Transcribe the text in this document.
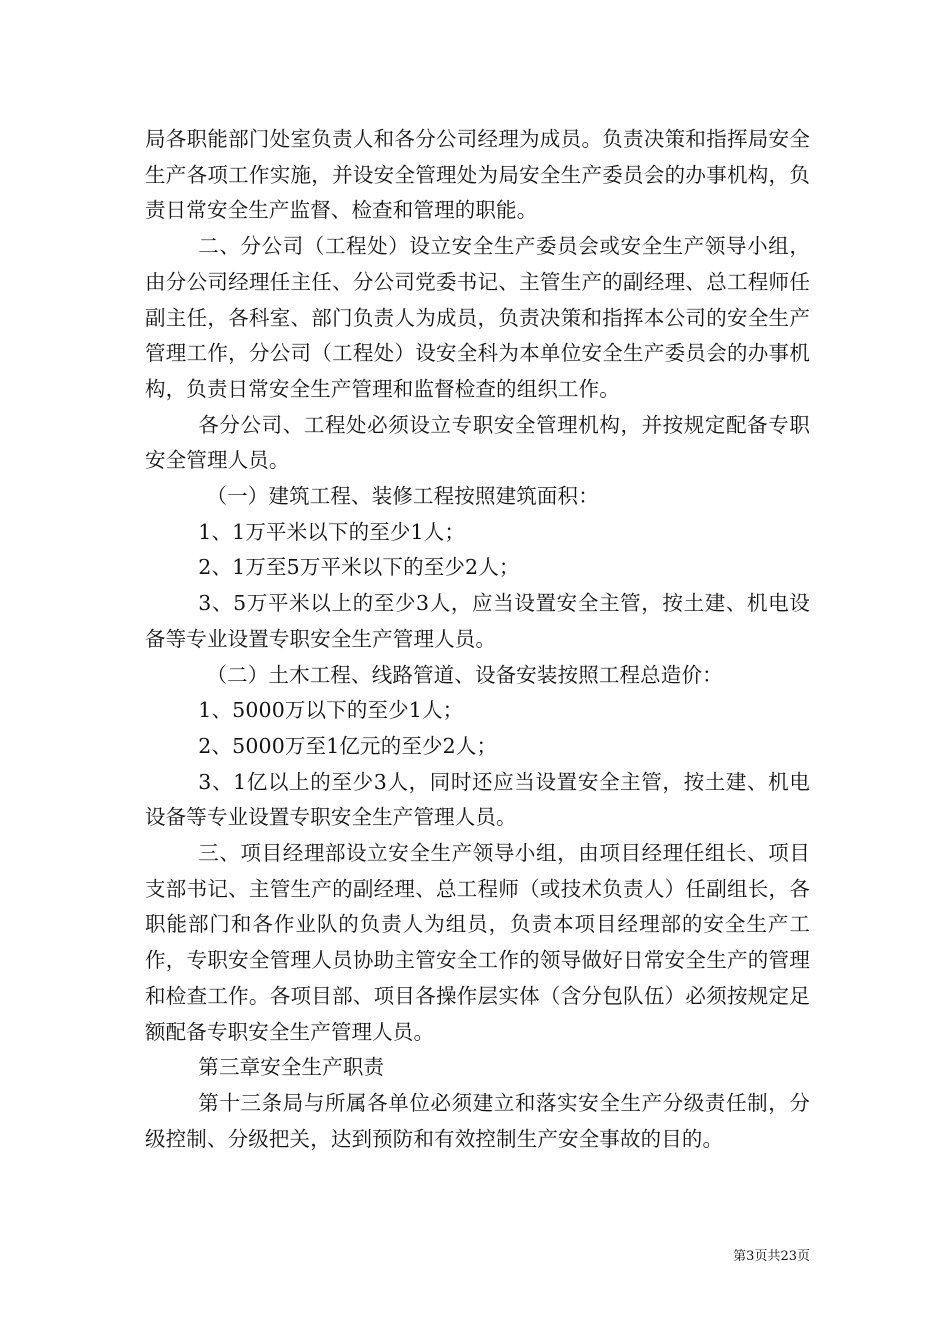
局各职能部门处室负责人和各分公司经理为成员。负责决策和指挥局安全生产各项工作实施，并设安全管理处为局安全生产委员会的办事机构，负责日常安全生产监督、检查和管理的职能。

二、分公司（工程处）设立安全生产委员会或安全生产领导小组，由分公司经理任主任、分公司党委书记、主管生产的副经理、总工程师任副主任，各科室、部门负责人为成员，负责决策和指挥本公司的安全生产管理工作，分公司（工程处）设安全科为本单位安全生产委员会的办事机构，负责日常安全生产管理和监督检查的组织工作。

各分公司、工程处必须设立专职安全管理机构，并按规定配备专职安全管理人员。

（一）建筑工程、装修工程按照建筑面积：

1、1万平米以下的至少1人；

2、1万至5万平米以下的至少2人；

3、5万平米以上的至少3人，应当设置安全主管，按土建、机电设备等专业设置专职安全生产管理人员。

（二）土木工程、线路管道、设备安装按照工程总造价：

1、5000万以下的至少1人；

2、5000万至1亿元的至少2人；

3、1亿以上的至少3人，同时还应当设置安全主管，按土建、机电设备等专业设置专职安全生产管理人员。

三、项目经理部设立安全生产领导小组，由项目经理任组长、项目支部书记、主管生产的副经理、总工程师（或技术负责人）任副组长，各职能部门和各作业队的负责人为组员，负责本项目经理部的安全生产工作，专职安全管理人员协助主管安全工作的领导做好日常安全生产的管理和检查工作。各项目部、项目各操作层实体（含分包队伍）必须按规定足额配备专职安全生产管理人员。

第三章安全生产职责

第十三条局与所属各单位必须建立和落实安全生产分级责任制，分级控制、分级把关，达到预防和有效控制生产安全事故的目的。

第3页共23页
